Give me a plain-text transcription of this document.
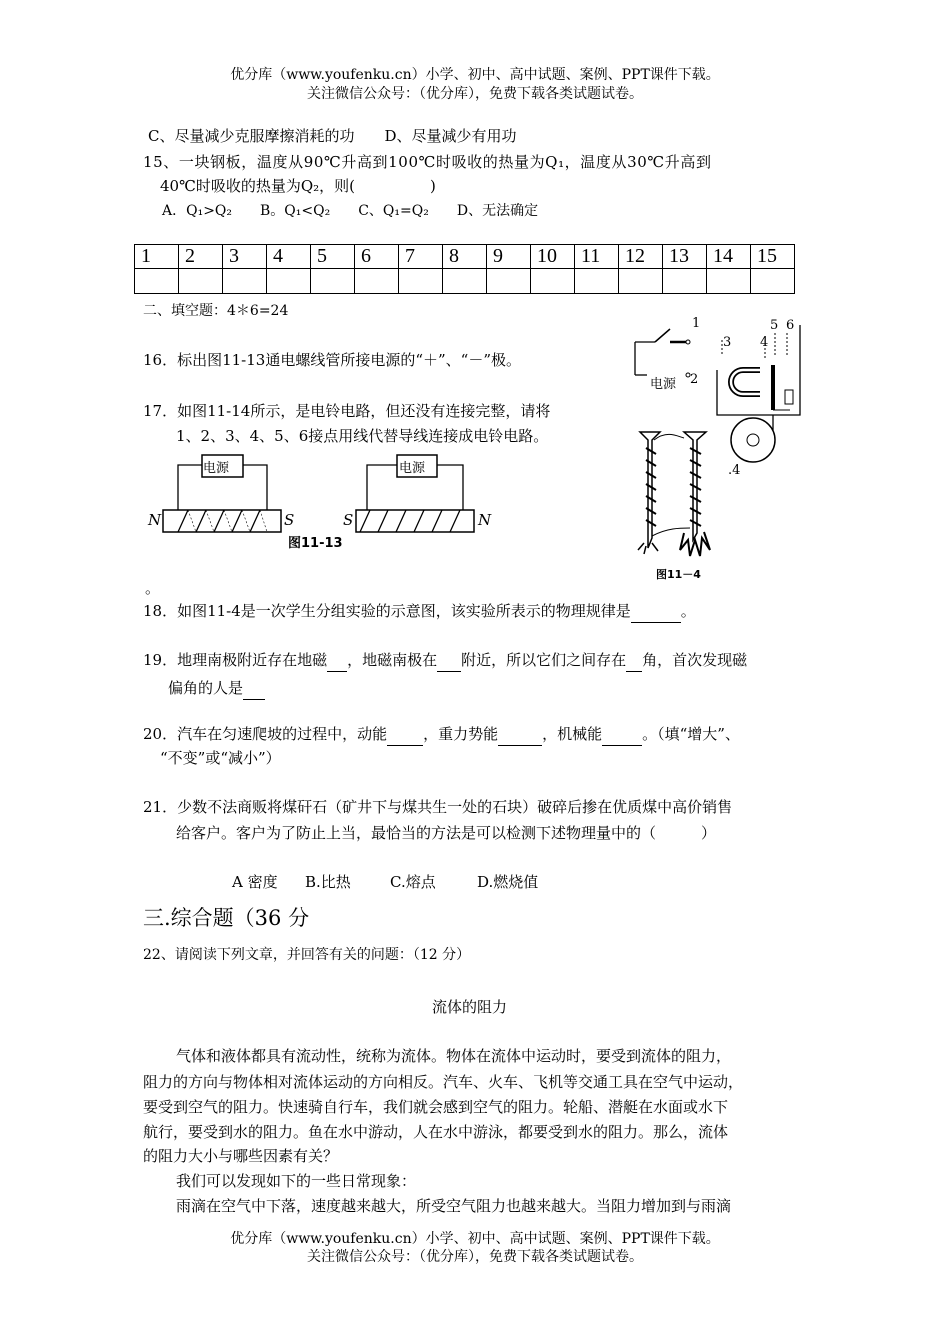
优分库（www.youfenku.cn）小学、初中、高中试题、案例、PPT课件下载。
关注微信公众号：（优分库），免费下载各类试题试卷。
C、尽量减少克服摩擦消耗的功　　D、尽量减少有用功
15、一块钢板，温度从90℃升高到100℃时吸收的热量为Q₁，温度从30℃升高到
40℃时吸收的热量为Q₂，则(　　　　　)
A．Q₁>Q₂　　B。Q₁<Q₂　　C、Q₁=Q₂　　D、无法确定
1	2	3	4	5	6	7	8	9	10	11	12	13	14	15

二、填空题：4＊6=24
16．标出图11-13通电螺线管所接电源的“＋”、“－”极。
17．如图11-14所示，是电铃电路，但还没有连接完整，请将
1、2、3、4、5、6接点用线代替导线连接成电铃电路。
电源	电源
N	S	S	N
图11-13
1
2
3 4
5 6
电源
.4
图11－4
。
18．如图11-4是一次学生分组实验的示意图，该实验所表示的物理规律是	。
19．地理南极附近存在地磁 ，地磁南极在 附近，所以它们之间存在 角，首次发现磁
偏角的人是
20．汽车在匀速爬坡的过程中，动能 ，重力势能	，机械能	。（填“增大”、
“不变”或“减小”）
21．少数不法商贩将煤矸石（矿井下与煤共生一处的石块）破碎后掺在优质煤中高价销售
给客户。客户为了防止上当，最恰当的方法是可以检测下述物理量中的（　　　）
A 密度 B.比热	C.熔点	D.燃烧值
三.综合题（36 分
22、请阅读下列文章，并回答有关的问题：（12 分）
流体的阻力
气体和液体都具有流动性，统称为流体。物体在流体中运动时，要受到流体的阻力，
阻力的方向与物体相对流体运动的方向相反。汽车、火车、飞机等交通工具在空气中运动，
要受到空气的阻力。快速骑自行车，我们就会感到空气的阻力。轮船、潜艇在水面或水下
航行，要受到水的阻力。鱼在水中游动，人在水中游泳，都要受到水的阻力。那么，流体
的阻力大小与哪些因素有关？
我们可以发现如下的一些日常现象：
雨滴在空气中下落，速度越来越大，所受空气阻力也越来越大。当阻力增加到与雨滴
优分库（www.youfenku.cn）小学、初中、高中试题、案例、PPT课件下载。
关注微信公众号：（优分库），免费下载各类试题试卷。
